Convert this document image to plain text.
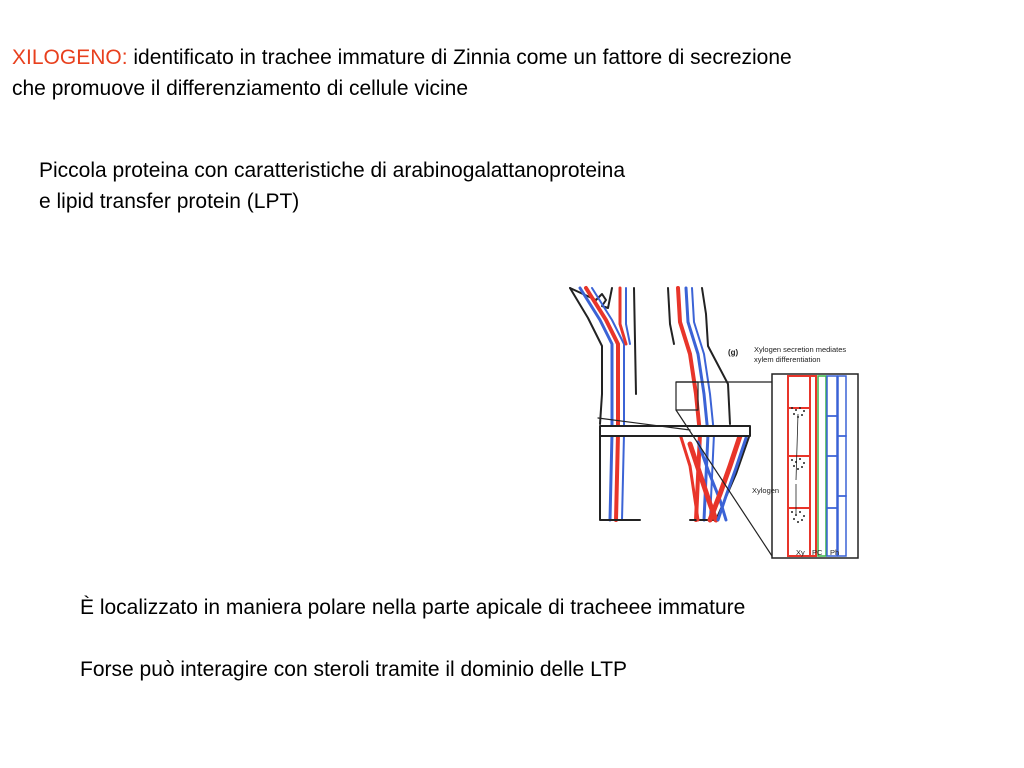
XILOGENO: identificato in trachee immature di Zinnia come un fattore di secrezione
che promuove il differenziamento di cellule vicine
Piccola proteina con caratteristiche di arabinogalattanoproteina
e lipid transfer protein (LPT)
(g) Xylogen secretion mediates
xylem differentiation
Xylogen
Xy PC Ph
È localizzato in maniera polare nella parte apicale di tracheee immature
Forse può interagire con steroli tramite il dominio delle LTP
